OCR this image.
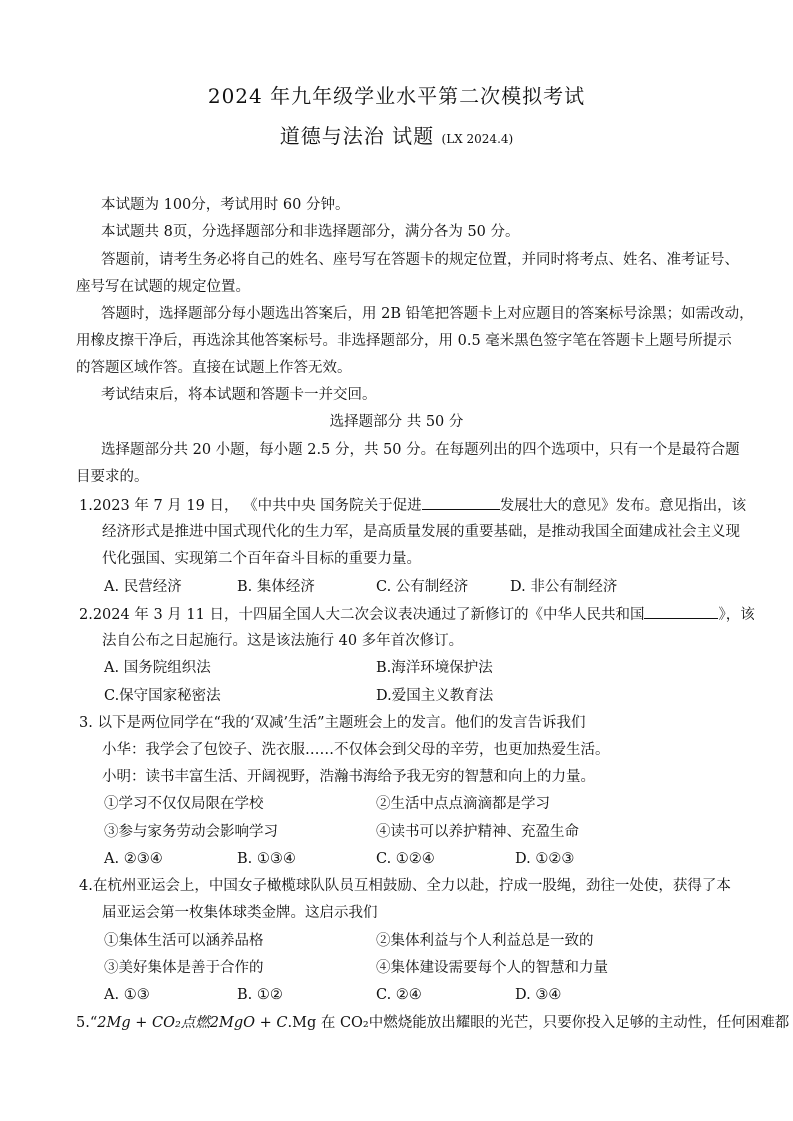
2024 年九年级学业水平第二次模拟考试
道德与法治 试题 (LX 2024.4)
本试题为 100分，考试用时 60 分钟。
本试题共 8页，分选择题部分和非选择题部分，满分各为 50 分。
答题前，请考生务必将自己的姓名、座号写在答题卡的规定位置，并同时将考点、姓名、准考证号、
座号写在试题的规定位置。
答题时，选择题部分每小题选出答案后，用 2B 铅笔把答题卡上对应题目的答案标号涂黑；如需改动，
用橡皮擦干净后，再选涂其他答案标号。非选择题部分，用 0.5 毫米黑色签字笔在答题卡上题号所提示
的答题区域作答。直接在试题上作答无效。
考试结束后，将本试题和答题卡一并交回。
选择题部分 共 50 分
选择题部分共 20 小题，每小题 2.5 分，共 50 分。在每题列出的四个选项中，只有一个是最符合题
目要求的。
1.2023 年 7 月 19 日， 《中共中央 国务院关于促进	发展壮大的意见》发布。意见指出，该
经济形式是推进中国式现代化的生力军，是高质量发展的重要基础，是推动我国全面建成社会主义现
代化强国、实现第二个百年奋斗目标的重要力量。
A. 民营经济	B. 集体经济	C. 公有制经济	D. 非公有制经济
2.2024 年 3 月 11 日，十四届全国人大二次会议表决通过了新修订的《中华人民共和国	》，该
法自公布之日起施行。这是该法施行 40 多年首次修订。
A. 国务院组织法	B.海洋环境保护法
C.保守国家秘密法	D.爱国主义教育法
3. 以下是两位同学在“我的‘双减’生活”主题班会上的发言。他们的发言告诉我们
小华：我学会了包饺子、洗衣服……不仅体会到父母的辛劳，也更加热爱生活。
小明：读书丰富生活、开阔视野，浩瀚书海给予我无穷的智慧和向上的力量。
①学习不仅仅局限在学校	②生活中点点滴滴都是学习
③参与家务劳动会影响学习	④读书可以养护精神、充盈生命
A. ②③④	B. ①③④	C. ①②④	D. ①②③
4.在杭州亚运会上，中国女子橄榄球队队员互相鼓励、全力以赴，拧成一股绳，劲往一处使，获得了本
届亚运会第一枚集体球类金牌。这启示我们
①集体生活可以涵养品格	②集体利益与个人利益总是一致的
③美好集体是善于合作的	④集体建设需要每个人的智慧和力量
A. ①③	B. ①②	C. ②④	D. ③④
5.“2Mg + CO₂点燃2MgO + C.Mg 在 CO₂中燃烧能放出耀眼的光芒，只要你投入足够的主动性，任何困难都
